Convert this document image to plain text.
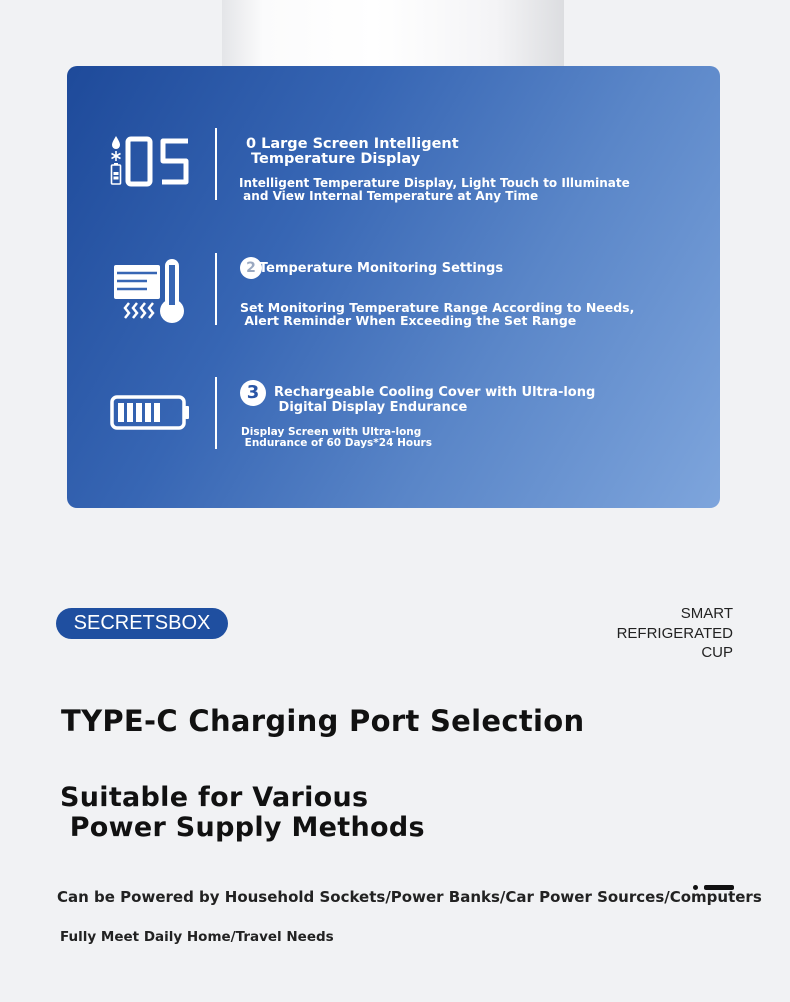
0 Large Screen Intelligent
Temperature Display
Intelligent Temperature Display, Light Touch to Illuminate
and View Internal Temperature at Any Time
2 Temperature Monitoring Settings
Set Monitoring Temperature Range According to Needs,
Alert Reminder When Exceeding the Set Range
3	Rechargeable Cooling Cover with Ultra-long
Digital Display Endurance
Display Screen with Ultra-long
Endurance of 60 Days*24 Hours
SECRETSBOX	SMART
REFRIGERATED
CUP
TYPE-C Charging Port Selection
Suitable for Various
Power Supply Methods
Can be Powered by Household Sockets/Power Banks/Car Power Sources/Computers
Fully Meet Daily Home/Travel Needs
